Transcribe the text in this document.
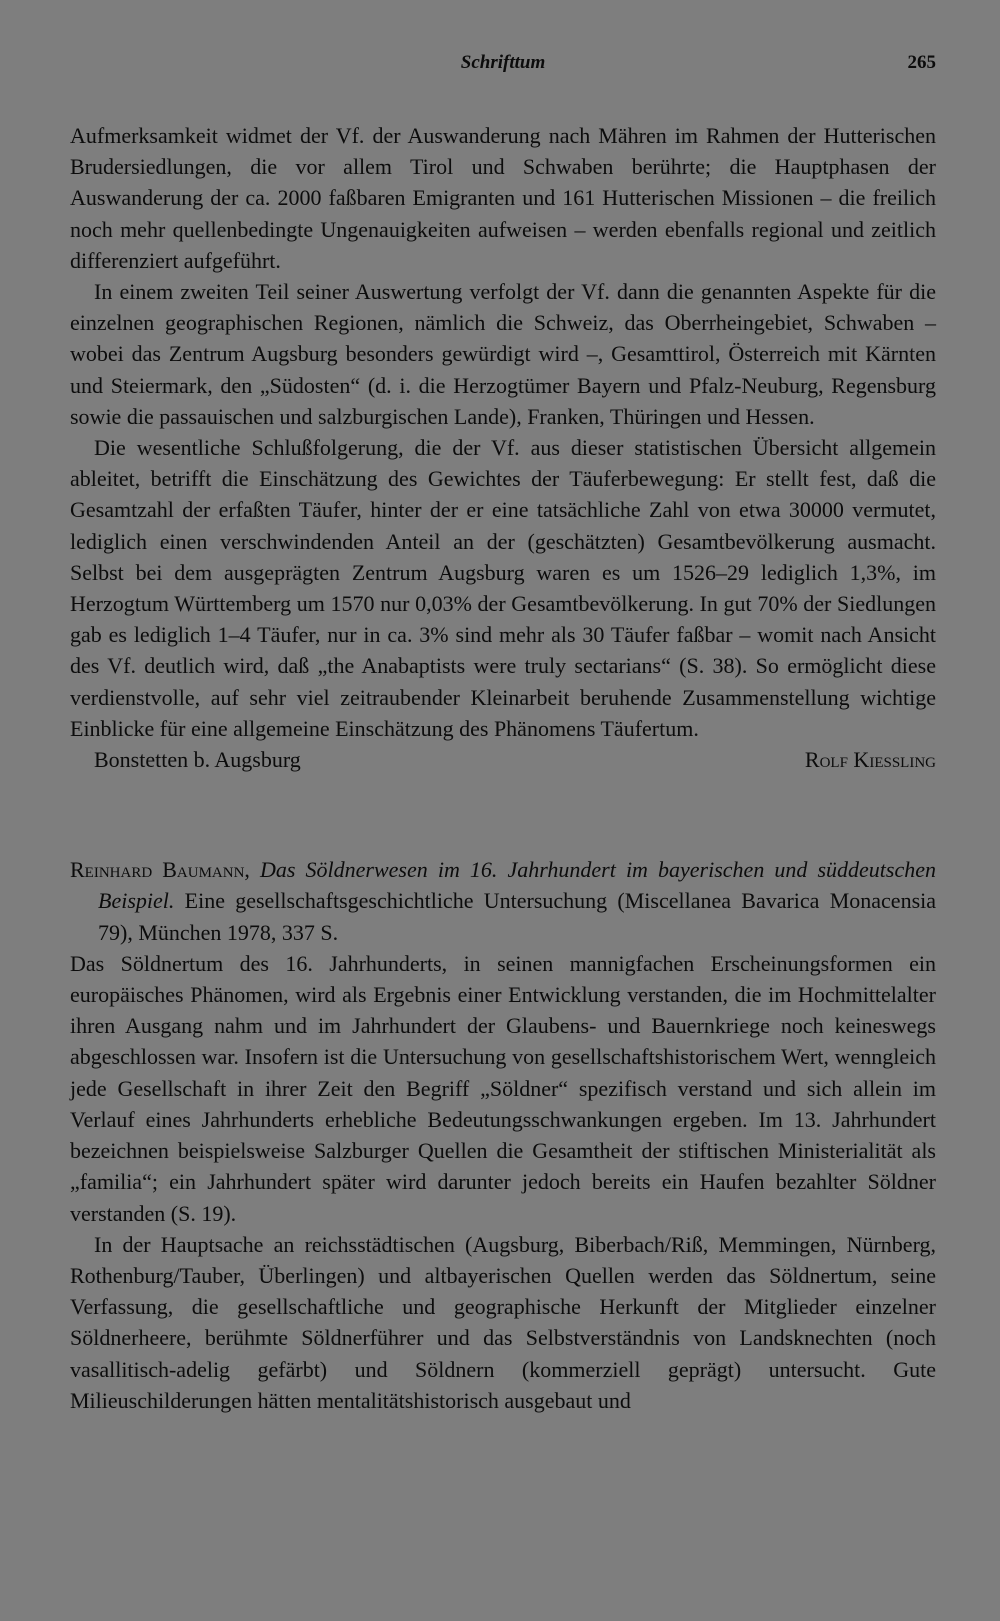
Schrifttum	265

Aufmerksamkeit widmet der Vf. der Auswanderung nach Mähren im Rahmen der Hutterischen Brudersiedlungen, die vor allem Tirol und Schwaben berührte; die Hauptphasen der Auswanderung der ca. 2000 faßbaren Emigranten und 161 Hutterischen Missionen – die freilich noch mehr quellenbedingte Ungenauigkeiten aufweisen – werden ebenfalls regional und zeitlich differenziert aufgeführt.

In einem zweiten Teil seiner Auswertung verfolgt der Vf. dann die genannten Aspekte für die einzelnen geographischen Regionen, nämlich die Schweiz, das Oberrheingebiet, Schwaben – wobei das Zentrum Augsburg besonders gewürdigt wird –, Gesamttirol, Österreich mit Kärnten und Steiermark, den „Südosten“ (d. i. die Herzogtümer Bayern und Pfalz-Neuburg, Regensburg sowie die passauischen und salzburgischen Lande), Franken, Thüringen und Hessen.

Die wesentliche Schlußfolgerung, die der Vf. aus dieser statistischen Übersicht allgemein ableitet, betrifft die Einschätzung des Gewichtes der Täuferbewegung: Er stellt fest, daß die Gesamtzahl der erfaßten Täufer, hinter der er eine tatsächliche Zahl von etwa 30000 vermutet, lediglich einen verschwindenden Anteil an der (geschätzten) Gesamtbevölkerung ausmacht. Selbst bei dem ausgeprägten Zentrum Augsburg waren es um 1526–29 lediglich 1,3%, im Herzogtum Württemberg um 1570 nur 0,03% der Gesamtbevölkerung. In gut 70% der Siedlungen gab es lediglich 1–4 Täufer, nur in ca. 3% sind mehr als 30 Täufer faßbar – womit nach Ansicht des Vf. deutlich wird, daß „the Anabaptists were truly sectarians“ (S. 38). So ermöglicht diese verdienstvolle, auf sehr viel zeitraubender Kleinarbeit beruhende Zusammenstellung wichtige Einblicke für eine allgemeine Einschätzung des Phänomens Täufertum.

Bonstetten b. Augsburg	Rolf Kiessling

Reinhard Baumann, Das Söldnerwesen im 16. Jahrhundert im bayerischen und süddeutschen Beispiel. Eine gesellschaftsgeschichtliche Untersuchung (Miscellanea Bavarica Monacensia 79), München 1978, 337 S.

Das Söldnertum des 16. Jahrhunderts, in seinen mannigfachen Erscheinungsformen ein europäisches Phänomen, wird als Ergebnis einer Entwicklung verstanden, die im Hochmittelalter ihren Ausgang nahm und im Jahrhundert der Glaubens- und Bauernkriege noch keineswegs abgeschlossen war. Insofern ist die Untersuchung von gesellschaftshistorischem Wert, wenngleich jede Gesellschaft in ihrer Zeit den Begriff „Söldner“ spezifisch verstand und sich allein im Verlauf eines Jahrhunderts erhebliche Bedeutungsschwankungen ergeben. Im 13. Jahrhundert bezeichnen beispielsweise Salzburger Quellen die Gesamtheit der stiftischen Ministerialität als „familia“; ein Jahrhundert später wird darunter jedoch bereits ein Haufen bezahlter Söldner verstanden (S. 19).

In der Hauptsache an reichsstädtischen (Augsburg, Biberbach/Riß, Memmingen, Nürnberg, Rothenburg/Tauber, Überlingen) und altbayerischen Quellen werden das Söldnertum, seine Verfassung, die gesellschaftliche und geographische Herkunft der Mitglieder einzelner Söldnerheere, berühmte Söldnerführer und das Selbstverständnis von Landsknechten (noch vasallitisch-adelig gefärbt) und Söldnern (kommerziell geprägt) untersucht. Gute Milieuschilderungen hätten mentalitätshistorisch ausgebaut und
